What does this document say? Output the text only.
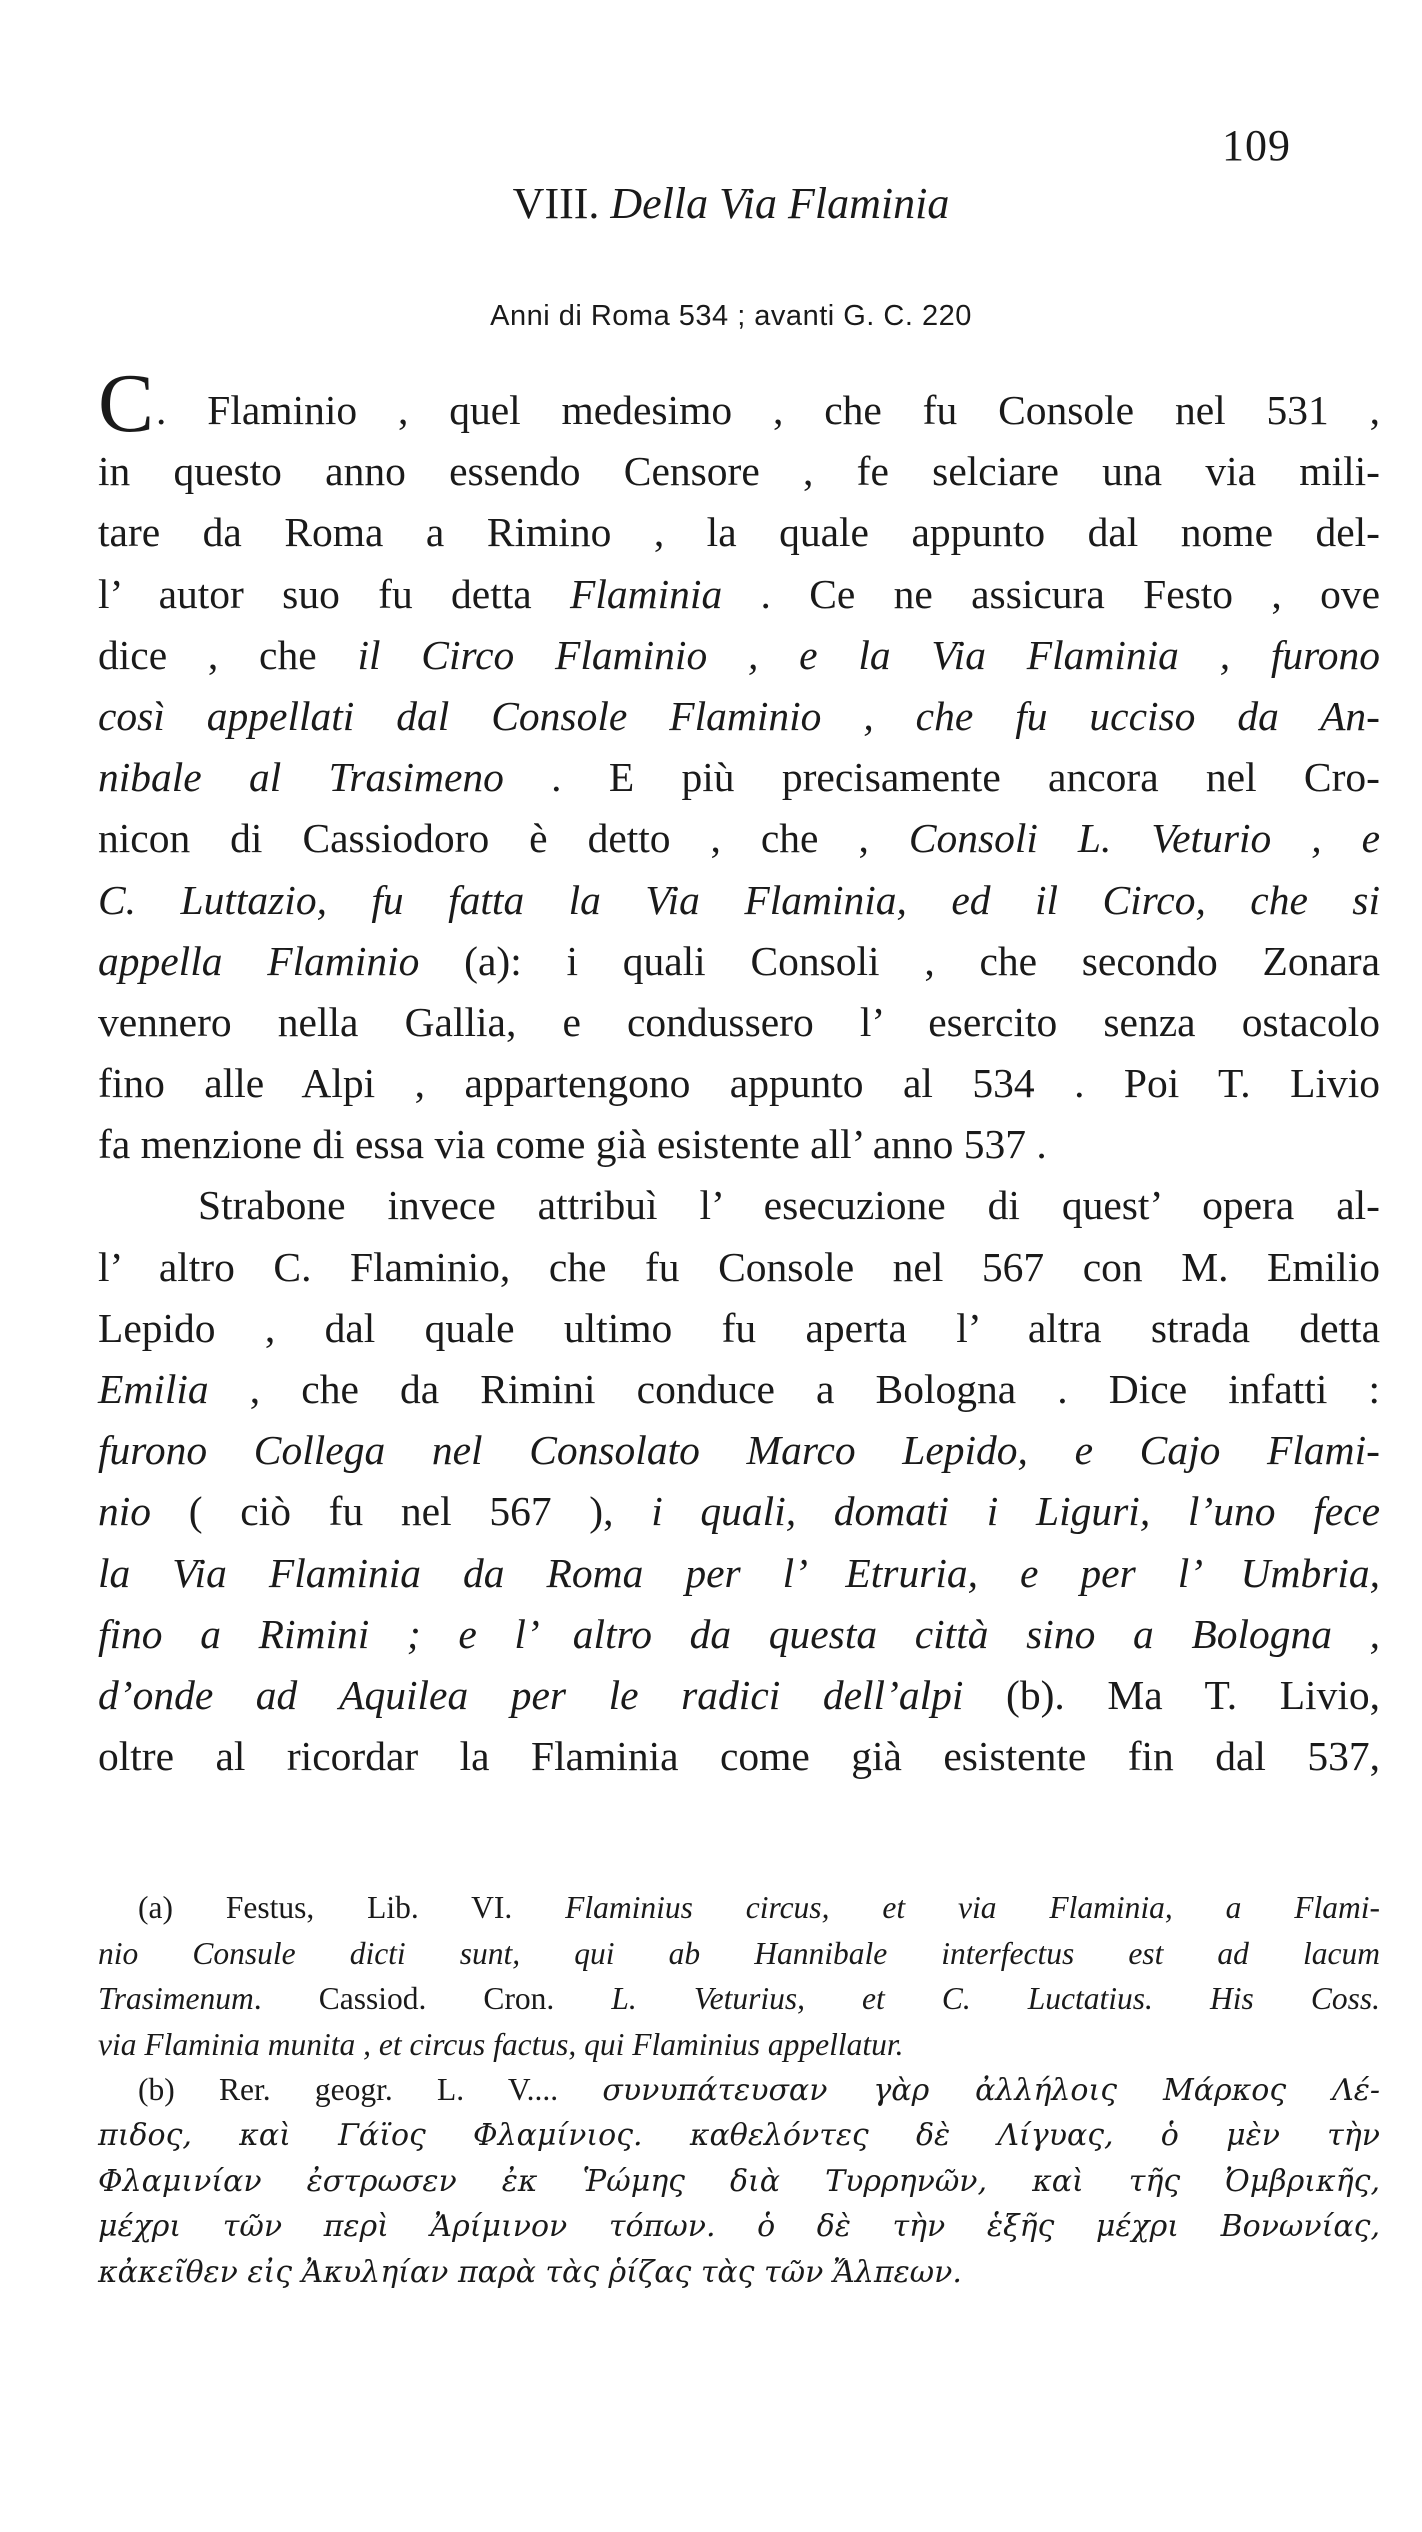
109
VIII. Della Via Flaminia
Anni di Roma 534 ; avanti G. C. 220
C. Flaminio , quel medesimo , che fu Console nel 531 ,
in questo anno essendo Censore , fe selciare una via mili-
tare da Roma a Rimino , la quale appunto dal nome del-
l’ autor suo fu detta Flaminia . Ce ne assicura Festo , ove
dice , che il Circo Flaminio , e la Via Flaminia , furono
così appellati dal Console Flaminio , che fu ucciso da An-
nibale al Trasimeno . E più precisamente ancora nel Cro-
nicon di Cassiodoro è detto , che , Consoli L. Veturio , e
C. Luttazio, fu fatta la Via Flaminia, ed il Circo, che si
appella Flaminio (a): i quali Consoli , che secondo Zonara
vennero nella Gallia, e condussero l’ esercito senza ostacolo
fino alle Alpi , appartengono appunto al 534 . Poi T. Livio
fa menzione di essa via come già esistente all’ anno 537 .
Strabone invece attribuì l’ esecuzione di quest’ opera al-
l’ altro C. Flaminio, che fu Console nel 567 con M. Emilio
Lepido , dal quale ultimo fu aperta l’ altra strada detta
Emilia , che da Rimini conduce a Bologna . Dice infatti :
furono Collega nel Consolato Marco Lepido, e Cajo Flami-
nio ( ciò fu nel 567 ), i quali, domati i Liguri, l’uno fece
la Via Flaminia da Roma per l’ Etruria, e per l’ Umbria,
fino a Rimini ; e l’ altro da questa città sino a Bologna ,
d’onde ad Aquilea per le radici dell’alpi (b). Ma T. Livio,
oltre al ricordar la Flaminia come già esistente fin dal 537,
(a) Festus, Lib. VI. Flaminius circus, et via Flaminia, a Flami-
nio Consule dicti sunt, qui ab Hannibale interfectus est ad lacum
Trasimenum. Cassiod. Cron. L. Veturius, et C. Luctatius. His Coss.
via Flaminia munita , et circus factus, qui Flaminius appellatur.
(b) Rer. geogr. L. V.... συνυπάτευσαν γὰρ ἀλλήλοις Μάρκος Λέ-
πιδος, καὶ Γάϊος Φλαμίνιος. καθελόντες δὲ Λίγυας, ὁ μὲν τὴν
Φλαμινίαν ἐστρωσεν ἐκ Ῥώμης διὰ Τυρρηνῶν, καὶ τῆς Ὀμβρικῆς,
μέχρι τῶν περὶ Ἀρίμινον τόπων. ὁ δὲ τὴν ἑξῆς μέχρι Βονωνίας,
κἀκεῖθεν εἰς Ἀκυληίαν παρὰ τὰς ῥίζας τὰς τῶν Ἄλπεων.
